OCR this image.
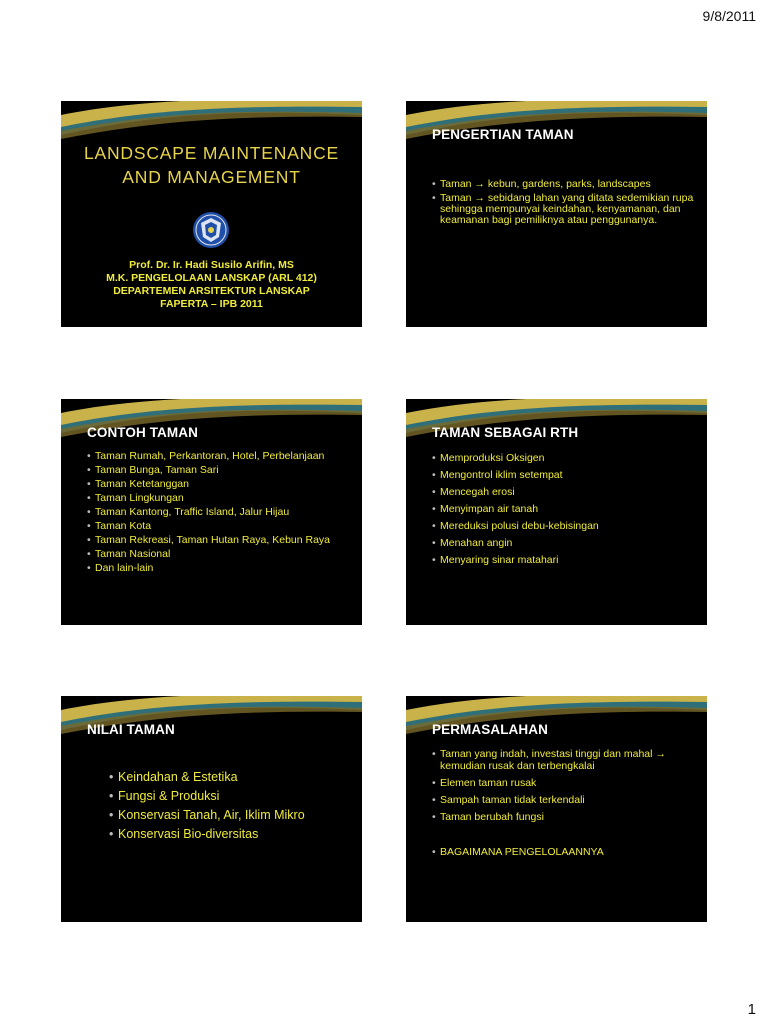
9/8/2011
LANDSCAPE MAINTENANCE
AND MANAGEMENT
Prof. Dr. Ir. Hadi Susilo Arifin, MS
M.K. PENGELOLAAN LANSKAP (ARL 412)
DEPARTEMEN ARSITEKTUR LANSKAP
FAPERTA – IPB 2011
PENGERTIAN TAMAN
• Taman → kebun, gardens, parks, landscapes
• Taman → sebidang lahan yang ditata sedemikian rupa sehingga mempunyai keindahan, kenyamanan, dan keamanan bagi pemiliknya atau penggunanya.
CONTOH TAMAN
• Taman Rumah, Perkantoran, Hotel, Perbelanjaan
• Taman Bunga, Taman Sari
• Taman Ketetanggan
• Taman Lingkungan
• Taman Kantong, Traffic Island, Jalur Hijau
• Taman Kota
• Taman Rekreasi, Taman Hutan Raya, Kebun Raya
• Taman Nasional
• Dan lain-lain
TAMAN SEBAGAI RTH
• Memproduksi Oksigen
• Mengontrol iklim setempat
• Mencegah erosi
• Menyimpan air tanah
• Mereduksi polusi debu-kebisingan
• Menahan angin
• Menyaring sinar matahari
NILAI TAMAN
• Keindahan & Estetika
• Fungsi & Produksi
• Konservasi Tanah, Air, Iklim Mikro
• Konservasi Bio-diversitas
PERMASALAHAN
• Taman yang indah, investasi tinggi dan mahal → kemudian rusak dan terbengkalai
• Elemen taman rusak
• Sampah taman tidak terkendali
• Taman berubah fungsi
• BAGAIMANA PENGELOLAANNYA
1
